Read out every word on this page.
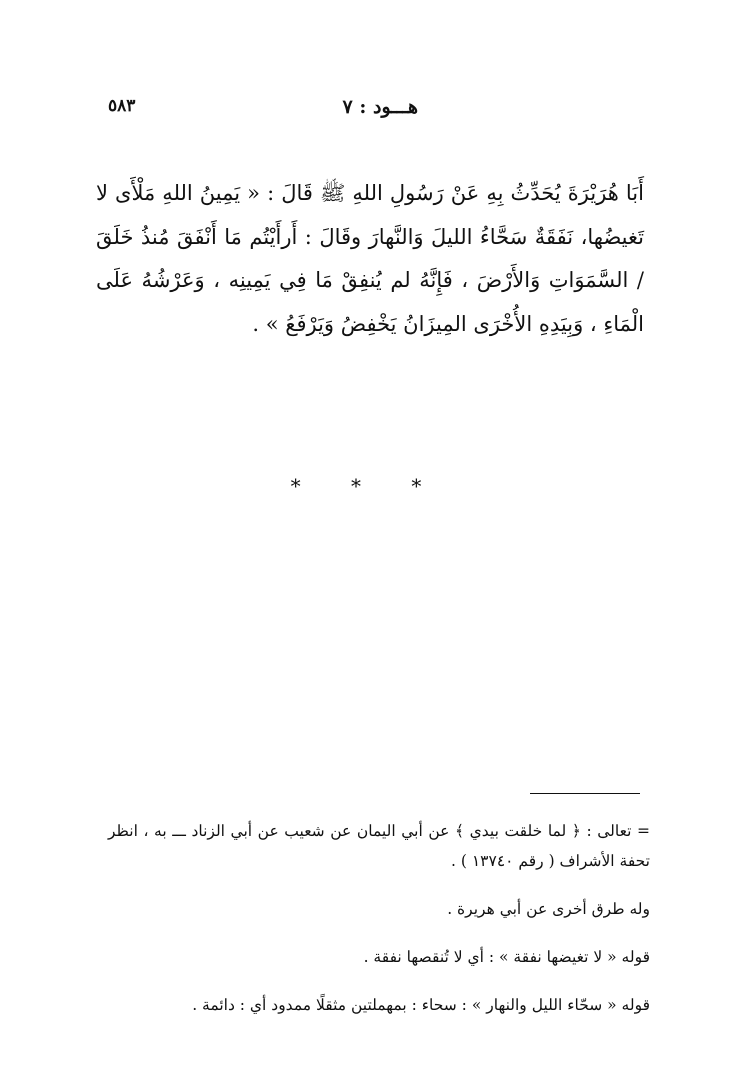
هـــود : ٧
٥٨٣
أَبَا هُرَيْرَةَ يُحَدِّثُ بِهِ عَنْ رَسُولِ اللهِ ﷺ قَالَ : « يَمِينُ اللهِ مَلْأَى لا تَغيضُها، نَفَقَةٌ سَحَّاءُ الليلَ وَالنَّهارَ وقَالَ : أَرأَيْتُم مَا أَنْفَقَ مُنذُ خَلَقَ / السَّمَوَاتِ وَالأَرْضَ ، فَإِنَّهُ لم يُنفِقْ مَا فِي يَمِينِه ، وَعَرْشُهُ عَلَى الْمَاءِ ، وَبِيَدِهِ الأُخْرَى المِيزَانُ يَخْفِضُ وَيَرْفَعُ » .
* * *
= تعالى : ﴿ لما خلقت بيدي ﴾ عن أبي اليمان عن شعيب عن أبي الزناد ـــ به ، انظر تحفة الأشراف ( رقم ١٣٧٤٠ ) .
وله طرق أخرى عن أبي هريرة .
قوله « لا تغيضها نفقة » : أي لا تُنقصها نفقة .
قوله « سحّاء الليل والنهار » : سحاء : بمهملتين مثقلًا ممدود أي : دائمة .
